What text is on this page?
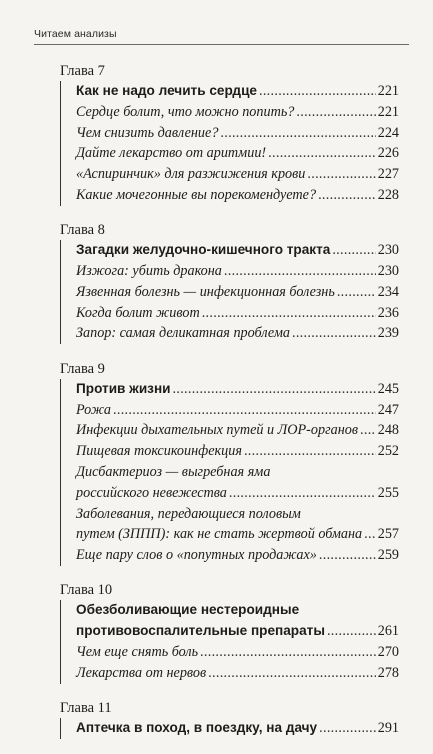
Читаем анализы
Глава 7
Как не надо лечить сердце .....	221
Сердце болит, что можно попить? .....	221
Чем снизить давление? .....	224
Дайте лекарство от аритмии! .....	226
«Аспиринчик» для разжижения крови .....	227
Какие мочегонные вы порекомендуете? .....	228
Глава 8
Загадки желудочно-кишечного тракта .....	230
Изжога: убить дракона .....	230
Язвенная болезнь — инфекционная болезнь .....	234
Когда болит живот .....	236
Запор: самая деликатная проблема .....	239
Глава 9
Против жизни .....	245
Рожа .....	247
Инфекции дыхательных путей и ЛОР-органов ..... 248
Пищевая токсикоинфекция .....	252
Дисбактериоз — выгребная яма
российского невежества .....	255
Заболевания, передающиеся половым
путем (ЗППП): как не стать жертвой обмана ..... 257
Еще пару слов о «попутных продажах» .....	259
Глава 10
Обезболивающие нестероидные
противовоспалительные препараты .....	261
Чем еще снять боль .....	270
Лекарства от нервов .....	278
Глава 11
Аптечка в поход, в поездку, на дачу .....	291
